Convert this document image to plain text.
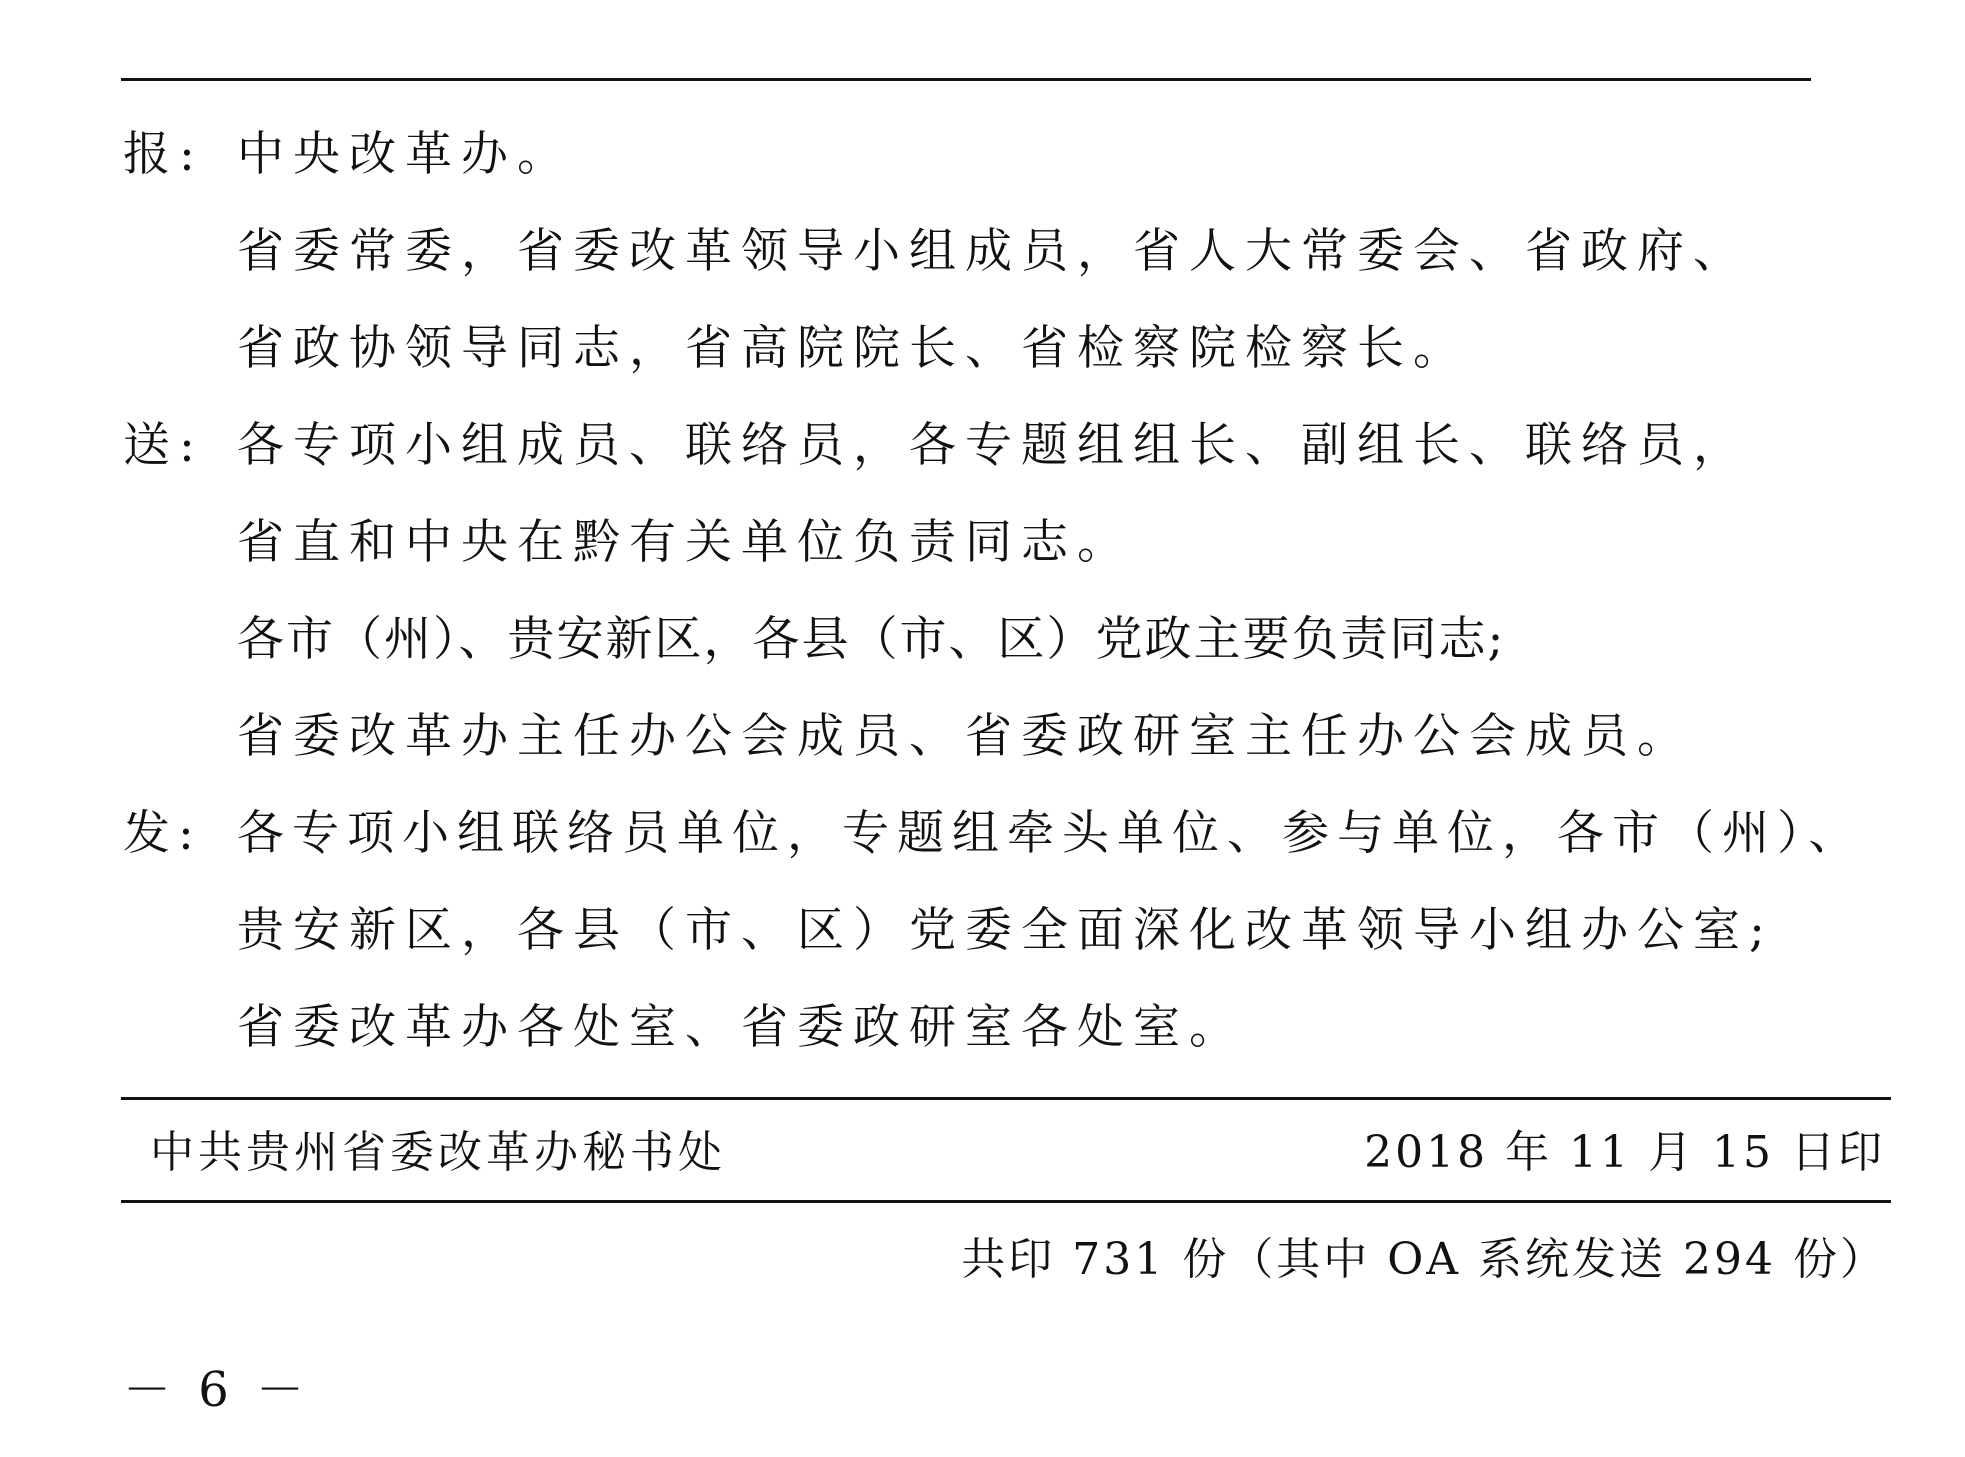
报: 中央改革办。
省委常委，省委改革领导小组成员，省人大常委会、省政府、
省政协领导同志，省高院院长、省检察院检察长。
送: 各专项小组成员、联络员，各专题组组长、副组长、联络员，
省直和中央在黔有关单位负责同志。
各市（州）、贵安新区，各县（市、区）党政主要负责同志;
省委改革办主任办公会成员、省委政研室主任办公会成员。
发: 各专项小组联络员单位，专题组牵头单位、参与单位，各市（州）、
贵安新区，各县（市、区）党委全面深化改革领导小组办公室;
省委改革办各处室、省委政研室各处室。
中共贵州省委改革办秘书处	2018 年 11 月 15 日印
共印 731 份（其中 OA 系统发送 294 份）
－ 6 －
